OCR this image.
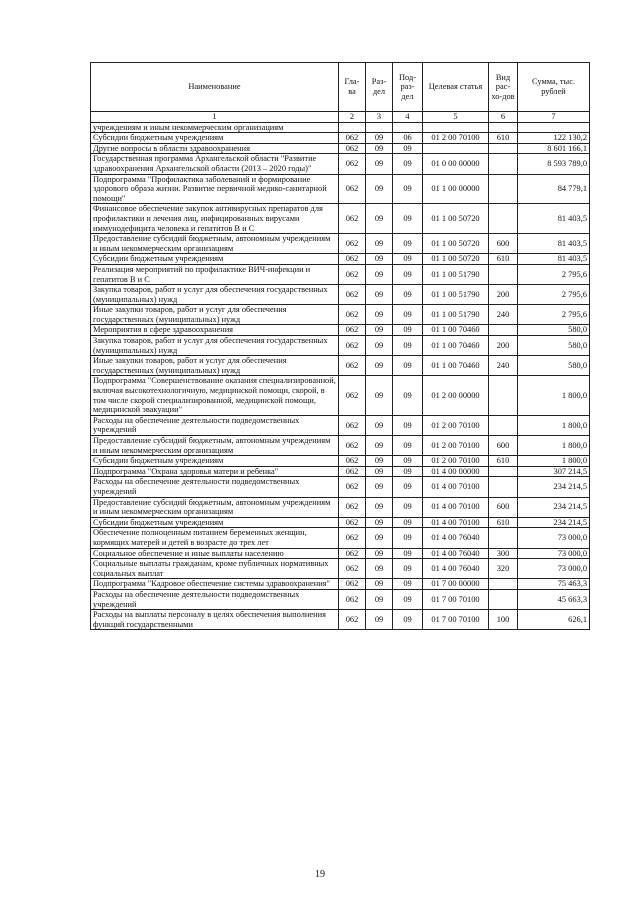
Наименование	Гла-ва	Раз-дел	Под-раз-дел	Целевая статья	Вид рас-хо-дов	Сумма, тыс. рублей
1	2	3	4	5	6	7
учреждениям и иным некоммерческим организациям						
Субсидии бюджетным учреждениям	062	09	06	01 2 00 70100	610	122 130,2
Другие вопросы в области здравоохранения	062	09	09			8 601 166,1
Государственная программа Архангельской области "Развитие здравоохранения Архангельской области (2013 – 2020 годы)"	062	09	09	01 0 00 00000		8 593 789,0
Подпрограмма "Профилактика заболеваний и формирование здорового образа жизни. Развитие первичной медико-санитарной помощи"	062	09	09	01 1 00 00000		84 779,1
Финансовое обеспечение закупок антивирусных препаратов для профилактики и лечения лиц, инфицированных вирусами иммунодефицита человека и гепатитов В и С	062	09	09	01 1 00 50720		81 403,5
Предоставление субсидий бюджетным, автономным учреждениям и иным некоммерческим организациям	062	09	09	01 1 00 50720	600	81 403,5
Субсидии бюджетным учреждениям	062	09	09	01 1 00 50720	610	81 403,5
Реализация мероприятий по профилактике ВИЧ-инфекции и гепатитов В и С	062	09	09	01 1 00 51790		2 795,6
Закупка товаров, работ и услуг для обеспечения государственных (муниципальных) нужд	062	09	09	01 1 00 51790	200	2 795,6
Иные закупки товаров, работ и услуг для обеспечения государственных (муниципальных) нужд	062	09	09	01 1 00 51790	240	2 795,6
Мероприятия в сфере здравоохранения	062	09	09	01 1 00 70460		580,0
Закупка товаров, работ и услуг для обеспечения государственных (муниципальных) нужд	062	09	09	01 1 00 70460	200	580,0
Иные закупки товаров, работ и услуг для обеспечения государственных (муниципальных) нужд	062	09	09	01 1 00 70460	240	580,0
Подпрограмма "Совершенствование оказания специализированной, включая высокотехнологичную, медицинской помощи, скорой, в том числе скорой специализированной, медицинской помощи, медицинской эвакуации"	062	09	09	01 2 00 00000		1 800,0
Расходы на обеспечение деятельности подведомственных учреждений	062	09	09	01 2 00 70100		1 800,0
Предоставление субсидий бюджетным, автономным учреждениям и иным некоммерческим организациям	062	09	09	01 2 00 70100	600	1 800,0
Субсидии бюджетным учреждениям	062	09	09	01 2 00 70100	610	1 800,0
Подпрограмма "Охрана здоровья матери и ребенка"	062	09	09	01 4 00 00000		307 214,5
Расходы на обеспечение деятельности подведомственных учреждений	062	09	09	01 4 00 70100		234 214,5
Предоставление субсидий бюджетным, автономным учреждениям и иным некоммерческим организациям	062	09	09	01 4 00 70100	600	234 214,5
Субсидии бюджетным учреждениям	062	09	09	01 4 00 70100	610	234 214,5
Обеспечение полноценным питанием беременных женщин, кормящих матерей и детей в возрасте до трех лет	062	09	09	01 4 00 76040		73 000,0
Социальное обеспечение и иные выплаты населению	062	09	09	01 4 00 76040	300	73 000,0
Социальные выплаты гражданам, кроме публичных нормативных социальных выплат	062	09	09	01 4 00 76040	320	73 000,0
Подпрограмма "Кадровое обеспечение системы здравоохранения"	062	09	09	01 7 00 00000		75 463,3
Расходы на обеспечение деятельности подведомственных учреждений	062	09	09	01 7 00 70100		45 663,3
Расходы на выплаты персоналу в целях обеспечения выполнения функций государственными	062	09	09	01 7 00 70100	100	626,1
19
